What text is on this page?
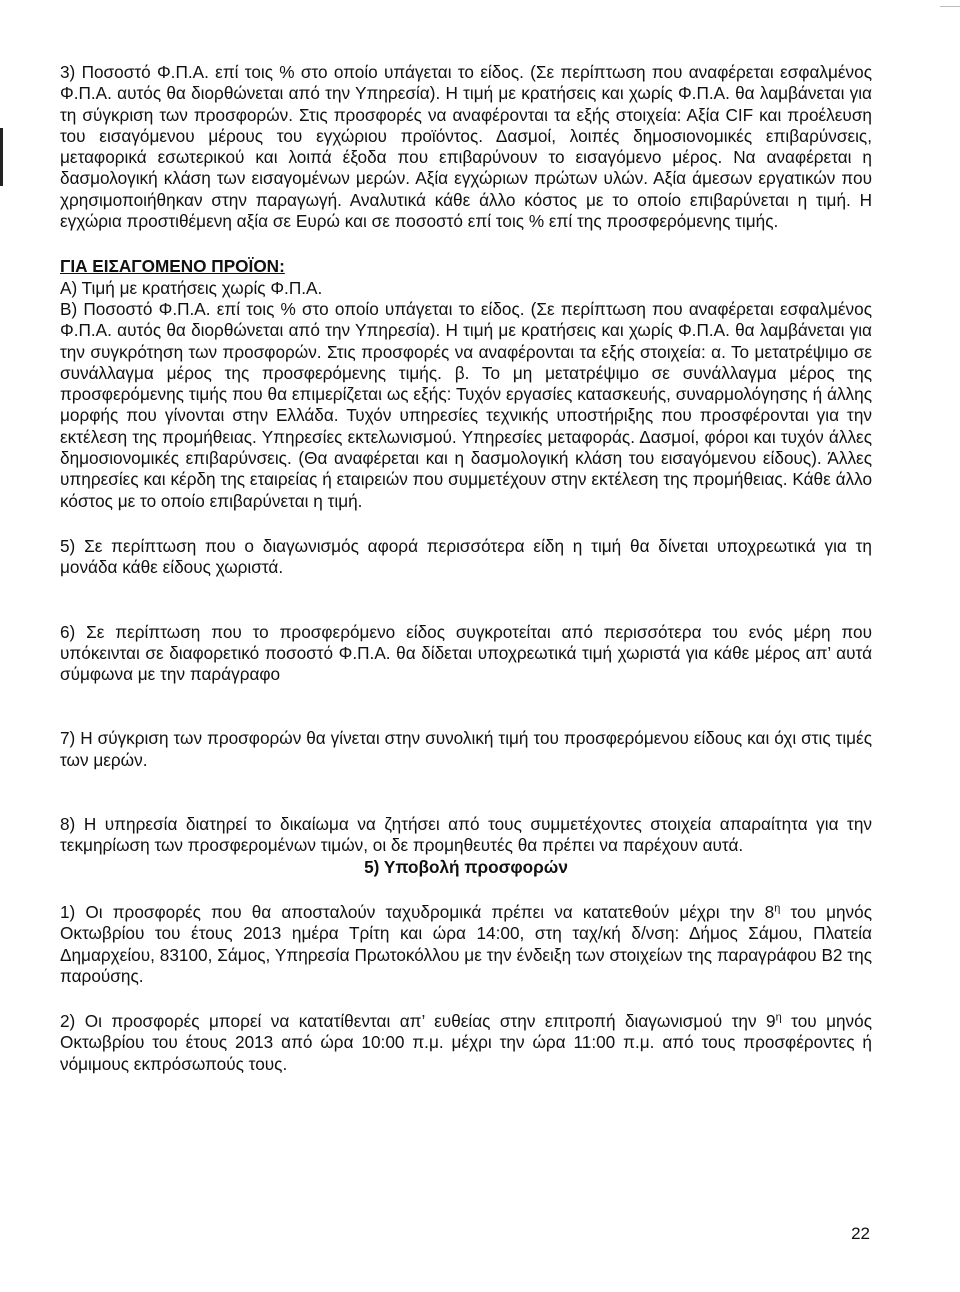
3) Ποσοστό Φ.Π.Α. επί τοις % στο οποίο υπάγεται το είδος. (Σε περίπτωση που αναφέρεται εσφαλμένος Φ.Π.Α. αυτός θα διορθώνεται από την Υπηρεσία). Η τιμή με κρατήσεις και χωρίς Φ.Π.Α. θα λαμβάνεται για τη σύγκριση των προσφορών. Στις προσφορές να αναφέρονται τα εξής στοιχεία: Αξία CIF και προέλευση του εισαγόμενου μέρους του εγχώριου προϊόντος. Δασμοί, λοιπές δημοσιονομικές επιβαρύνσεις, μεταφορικά εσωτερικού και λοιπά έξοδα που επιβαρύνουν το εισαγόμενο μέρος. Να αναφέρεται η δασμολογική κλάση των εισαγομένων μερών. Αξία εγχώριων πρώτων υλών. Αξία άμεσων εργατικών που χρησιμοποιήθηκαν στην παραγωγή. Αναλυτικά κάθε άλλο κόστος με το οποίο επιβαρύνεται η τιμή. Η εγχώρια προστιθέμενη αξία σε Ευρώ και σε ποσοστό επί τοις % επί της προσφερόμενης τιμής.

ΓΙΑ ΕΙΣΑΓΟΜΕΝΟ ΠΡΟΪΟΝ:

Α) Τιμή με κρατήσεις χωρίς Φ.Π.Α.

Β) Ποσοστό Φ.Π.Α. επί τοις % στο οποίο υπάγεται το είδος. (Σε περίπτωση που αναφέρεται εσφαλμένος Φ.Π.Α. αυτός θα διορθώνεται από την Υπηρεσία). Η τιμή με κρατήσεις και χωρίς Φ.Π.Α. θα λαμβάνεται για την συγκρότηση των προσφορών. Στις προσφορές να αναφέρονται τα εξής στοιχεία: α. Το μετατρέψιμο σε συνάλλαγμα μέρος της προσφερόμενης τιμής. β. Το μη μετατρέψιμο σε συνάλλαγμα μέρος της προσφερόμενης τιμής που θα επιμερίζεται ως εξής: Τυχόν εργασίες κατασκευής, συναρμολόγησης ή άλλης μορφής που γίνονται στην Ελλάδα. Τυχόν υπηρεσίες τεχνικής υποστήριξης που προσφέρονται για την εκτέλεση της προμήθειας. Υπηρεσίες εκτελωνισμού. Υπηρεσίες μεταφοράς. Δασμοί, φόροι και τυχόν άλλες δημοσιονομικές επιβαρύνσεις. (Θα αναφέρεται και η δασμολογική κλάση του εισαγόμενου είδους). Άλλες υπηρεσίες και κέρδη της εταιρείας ή εταιρειών που συμμετέχουν στην εκτέλεση της προμήθειας. Κάθε άλλο κόστος με το οποίο επιβαρύνεται η τιμή.

5) Σε περίπτωση που ο διαγωνισμός αφορά περισσότερα είδη η τιμή θα δίνεται υποχρεωτικά για τη μονάδα κάθε είδους χωριστά.

6) Σε περίπτωση που το προσφερόμενο είδος συγκροτείται από περισσότερα του ενός μέρη που υπόκεινται σε διαφορετικό ποσοστό Φ.Π.Α. θα δίδεται υποχρεωτικά τιμή χωριστά για κάθε μέρος απ’ αυτά σύμφωνα με την παράγραφο

7) Η σύγκριση των προσφορών θα γίνεται στην συνολική τιμή του προσφερόμενου είδους και όχι στις τιμές των μερών.

8) Η υπηρεσία διατηρεί το δικαίωμα να ζητήσει από τους συμμετέχοντες στοιχεία απαραίτητα για την τεκμηρίωση των προσφερομένων τιμών, οι δε προμηθευτές θα πρέπει να παρέχουν αυτά.

5) Υποβολή προσφορών

1) Οι προσφορές που θα αποσταλούν ταχυδρομικά πρέπει να κατατεθούν μέχρι την $8^\eta$ του μηνός Οκτωβρίου του έτους 2013 ημέρα Τρίτη και ώρα 14:00, στη ταχ/κή δ/νση: Δήμος Σάμου, Πλατεία Δημαρχείου, 83100, Σάμος, Υπηρεσία Πρωτοκόλλου με την ένδειξη των στοιχείων της παραγράφου Β2 της παρούσης.

2) Οι προσφορές μπορεί να κατατίθενται απ’ ευθείας στην επιτροπή διαγωνισμού την $9^\eta$ του μηνός Οκτωβρίου του έτους 2013 από ώρα 10:00 π.μ. μέχρι την ώρα 11:00 π.μ. από τους προσφέροντες ή νόμιμους εκπρόσωπούς τους.

22
